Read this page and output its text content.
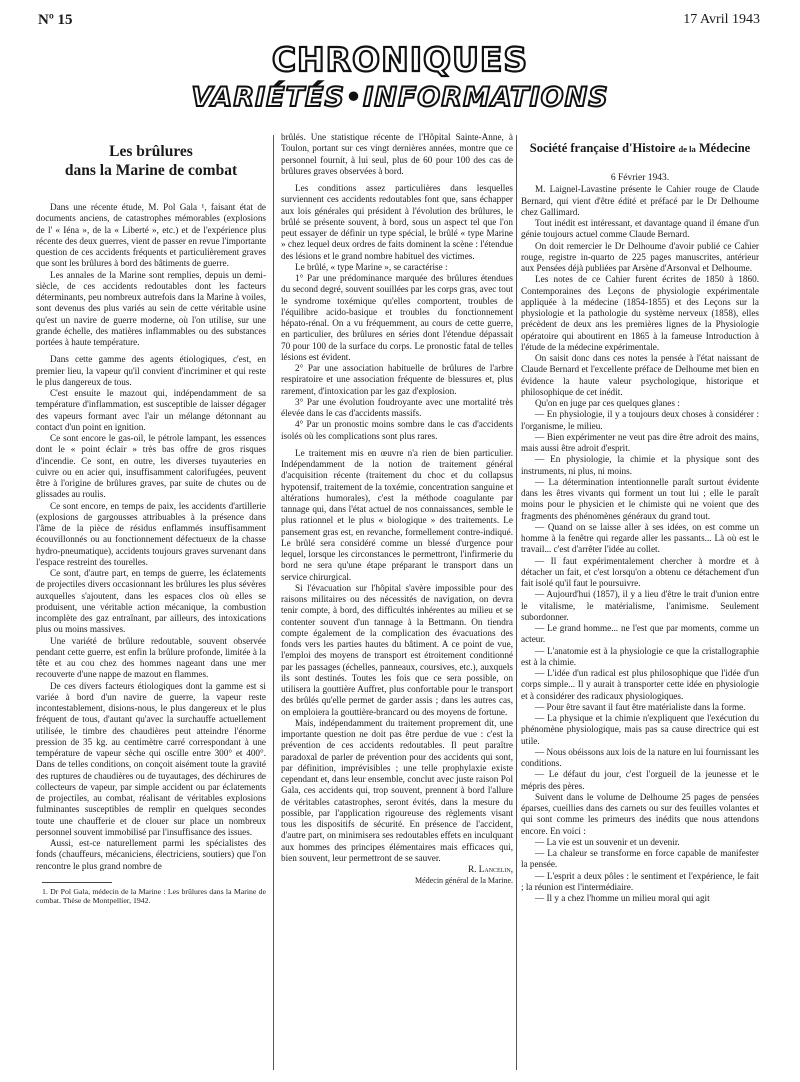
Nº 15	17 Avril 1943
CHRONIQUES
VARIÉTÉS•INFORMATIONS
Les brûlures
dans la Marine de combat

Dans une récente étude, M. Pol Gala ¹, faisant état de documents anciens, de catastrophes mémorables (explosions de l' « Iéna », de la « Liberté », etc.) et de l'expérience plus récente des deux guerres, vient de passer en revue l'importante question de ces accidents fréquents et particulièrement graves que sont les brûlures à bord des bâtiments de guerre.

Les annales de la Marine sont remplies, depuis un demi-siècle, de ces accidents redoutables dont les facteurs déterminants, peu nombreux autrefois dans la Marine à voiles, sont devenus des plus variés au sein de cette véritable usine qu'est un navire de guerre moderne, où l'on utilise, sur une grande échelle, des matières inflammables ou des substances portées à haute température.

Dans cette gamme des agents étiologiques, c'est, en premier lieu, la vapeur qu'il convient d'incriminer et qui reste le plus dangereux de tous.

C'est ensuite le mazout qui, indépendamment de sa température d'inflammation, est susceptible de laisser dégager des vapeurs formant avec l'air un mélange détonnant au contact d'un point en ignition.

Ce sont encore le gas-oil, le pétrole lampant, les essences dont le « point éclair » très bas offre de gros risques d'incendie. Ce sont, en outre, les diverses tuyauteries en cuivre ou en acier qui, insuffisamment calorifugées, peuvent être à l'origine de brûlures graves, par suite de chutes ou de glissades au roulis.

Ce sont encore, en temps de paix, les accidents d'artillerie (explosions de gargousses attribuables à la présence dans l'âme de la pièce de résidus enflammés insuffisamment écouvillonnés ou au fonctionnement défectueux de la chasse hydro-pneumatique), accidents toujours graves survenant dans l'espace restreint des tourelles.

Ce sont, d'autre part, en temps de guerre, les éclatements de projectiles divers occasionnant les brûlures les plus sévères auxquelles s'ajoutent, dans les espaces clos où elles se produisent, une véritable action mécanique, la combustion incomplète des gaz entraînant, par ailleurs, des intoxications plus ou moins massives.

Une variété de brûlure redoutable, souvent observée pendant cette guerre, est enfin la brûlure profonde, limitée à la tête et au cou chez des hommes nageant dans une mer recouverte d'une nappe de mazout en flammes.

De ces divers facteurs étiologiques dont la gamme est si variée à bord d'un navire de guerre, la vapeur reste incontestablement, disions-nous, le plus dangereux et le plus fréquent de tous, d'autant qu'avec la surchauffe actuellement utilisée, le timbre des chaudières peut atteindre l'énorme pression de 35 kg. au centimètre carré correspondant à une température de vapeur sèche qui oscille entre 300° et 400°. Dans de telles conditions, on conçoit aisément toute la gravité des ruptures de chaudières ou de tuyautages, des déchirures de collecteurs de vapeur, par simple accident ou par éclatements de projectiles, au combat, réalisant de véritables explosions fulminantes susceptibles de remplir en quelques secondes toute une chaufferie et de clouer sur place un nombreux personnel souvent immobilisé par l'insuffisance des issues.

Aussi, est-ce naturellement parmi les spécialistes des fonds (chauffeurs, mécaniciens, électriciens, soutiers) que l'on rencontre le plus grand nombre de

1. Dr Pol Gala, médecin de la Marine : Les brûlures dans la Marine de combat. Thèse de Montpellier, 1942.

brûlés. Une statistique récente de l'Hôpital Sainte-Anne, à Toulon, portant sur ces vingt dernières années, montre que ce personnel fournit, à lui seul, plus de 60 pour 100 des cas de brûlures graves observées à bord.

Les conditions assez particulières dans lesquelles surviennent ces accidents redoutables font que, sans échapper aux lois générales qui président à l'évolution des brûlures, le brûlé se présente souvent, à bord, sous un aspect tel que l'on peut essayer de définir un type spécial, le brûlé « type Marine » chez lequel deux ordres de faits dominent la scène : l'étendue des lésions et le grand nombre habituel des victimes.

Le brûlé, « type Marine », se caractérise :

1° Par une prédominance marquée des brûlures étendues du second degré, souvent souillées par les corps gras, avec tout le syndrome toxémique qu'elles comportent, troubles de l'équilibre acido-basique et troubles du fonctionnement hépato-rénal. On a vu fréquemment, au cours de cette guerre, en particulier, des brûlures en séries dont l'étendue dépassait 70 pour 100 de la surface du corps. Le pronostic fatal de telles lésions est évident.

2° Par une association habituelle de brûlures de l'arbre respiratoire et une association fréquente de blessures et, plus rarement, d'intoxication par les gaz d'explosion.

3° Par une évolution foudroyante avec une mortalité très élevée dans le cas d'accidents massifs.

4° Par un pronostic moins sombre dans le cas d'accidents isolés où les complications sont plus rares.

Le traitement mis en œuvre n'a rien de bien particulier. Indépendamment de la notion de traitement général d'acquisition récente (traitement du choc et du collapsus hypotensif, traitement de la toxémie, concentration sanguine et altérations humorales), c'est la méthode coagulante par tannage qui, dans l'état actuel de nos connaissances, semble le plus rationnel et le plus « biologique » des traitements. Le pansement gras est, en revanche, formellement contre-indiqué. Le brûlé sera considéré comme un blessé d'urgence pour lequel, lorsque les circonstances le permettront, l'infirmerie du bord ne sera qu'une étape préparant le transport dans un service chirurgical.

Si l'évacuation sur l'hôpital s'avère impossible pour des raisons militaires ou des nécessités de navigation, on devra tenir compte, à bord, des difficultés inhérentes au milieu et se contenter souvent d'un tannage à la Bettmann. On tiendra compte également de la complication des évacuations des fonds vers les parties hautes du bâtiment. A ce point de vue, l'emploi des moyens de transport est étroitement conditionné par les passages (échelles, panneaux, coursives, etc.), auxquels ils sont destinés. Toutes les fois que ce sera possible, on utilisera la gouttière Auffret, plus confortable pour le transport des brûlés qu'elle permet de garder assis ; dans les autres cas, on emploiera la gouttière-brancard ou des moyens de fortune.

Mais, indépendamment du traitement proprement dit, une importante question ne doit pas être perdue de vue : c'est la prévention de ces accidents redoutables. Il peut paraître paradoxal de parler de prévention pour des accidents qui sont, par définition, imprévisibles ; une telle prophylaxie existe cependant et, dans leur ensemble, conclut avec juste raison Pol Gala, ces accidents qui, trop souvent, prennent à bord l'allure de véritables catastrophes, seront évités, dans la mesure du possible, par l'application rigoureuse des règlements visant tous les dispositifs de sécurité. En présence de l'accident, d'autre part, on minimisera ses redoutables effets en inculquant aux hommes des principes élémentaires mais efficaces qui, bien souvent, leur permettront de se sauver.

R. Lancelin,
Médecin général de la Marine.

Société française d'Histoire de la Médecine

6 Février 1943.

M. Laignel-Lavastine présente le Cahier rouge de Claude Bernard, qui vient d'être édité et préfacé par le Dr Delhoume chez Gallimard.

Tout inédit est intéressant, et davantage quand il émane d'un génie toujours actuel comme Claude Bernard.

On doit remercier le Dr Delhoume d'avoir publié ce Cahier rouge, registre in-quarto de 225 pages manuscrites, antérieur aux Pensées déjà publiées par Arsène d'Arsonval et Delhoume.

Les notes de ce Cahier furent écrites de 1850 à 1860. Contemporaines des Leçons de physiologie expérimentale appliquée à la médecine (1854-1855) et des Leçons sur la physiologie et la pathologie du système nerveux (1858), elles précèdent de deux ans les premières lignes de la Physiologie opératoire qui aboutirent en 1865 à la fameuse Introduction à l'étude de la médecine expérimentale.

On saisit donc dans ces notes la pensée à l'état naissant de Claude Bernard et l'excellente préface de Delhoume met bien en évidence la haute valeur psychologique, historique et philosophique de cet inédit.

Qu'on en juge par ces quelques glanes :

— En physiologie, il y a toujours deux choses à considérer : l'organisme, le milieu.

— Bien expérimenter ne veut pas dire être adroit des mains, mais aussi être adroit d'esprit.

— En physiologie, la chimie et la physique sont des instruments, ni plus, ni moins.

— La détermination intentionnelle paraît surtout évidente dans les êtres vivants qui forment un tout lui ; elle le paraît moins pour le physicien et le chimiste qui ne voient que des fragments des phénomènes généraux du grand tout.

— Quand on se laisse aller à ses idées, on est comme un homme à la fenêtre qui regarde aller les passants... Là où est le travail... c'est d'arrêter l'idée au collet.

— Il faut expérimentalement chercher à mordre et à détacher un fait, et c'est lorsqu'on a obtenu ce détachement d'un fait isolé qu'il faut le poursuivre.

— Aujourd'hui (1857), il y a lieu d'être le trait d'union entre le vitalisme, le matérialisme, l'animisme. Seulement subordonner.

— Le grand homme... ne l'est que par moments, comme un acteur.

— L'anatomie est à la physiologie ce que la cristallographie est à la chimie.

— L'idée d'un radical est plus philosophique que l'idée d'un corps simple... Il y aurait à transporter cette idée en physiologie et à considérer des radicaux physiologiques.

— Pour être savant il faut être matérialiste dans la forme.

— La physique et la chimie n'expliquent que l'exécution du phénomène physiologique, mais pas sa cause directrice qui est utile.

— Nous obéissons aux lois de la nature en lui fournissant les conditions.

— Le défaut du jour, c'est l'orgueil de la jeunesse et le mépris des pères.

Suivent dans le volume de Delhoume 25 pages de pensées éparses, cueillies dans des carnets ou sur des feuilles volantes et qui sont comme les primeurs des inédits que nous attendons encore. En voici :

— La vie est un souvenir et un devenir.

— La chaleur se transforme en force capable de manifester la pensée.

— L'esprit a deux pôles : le sentiment et l'expérience, le fait ; la réunion est l'intermédiaire.

— Il y a chez l'homme un milieu moral qui agit
